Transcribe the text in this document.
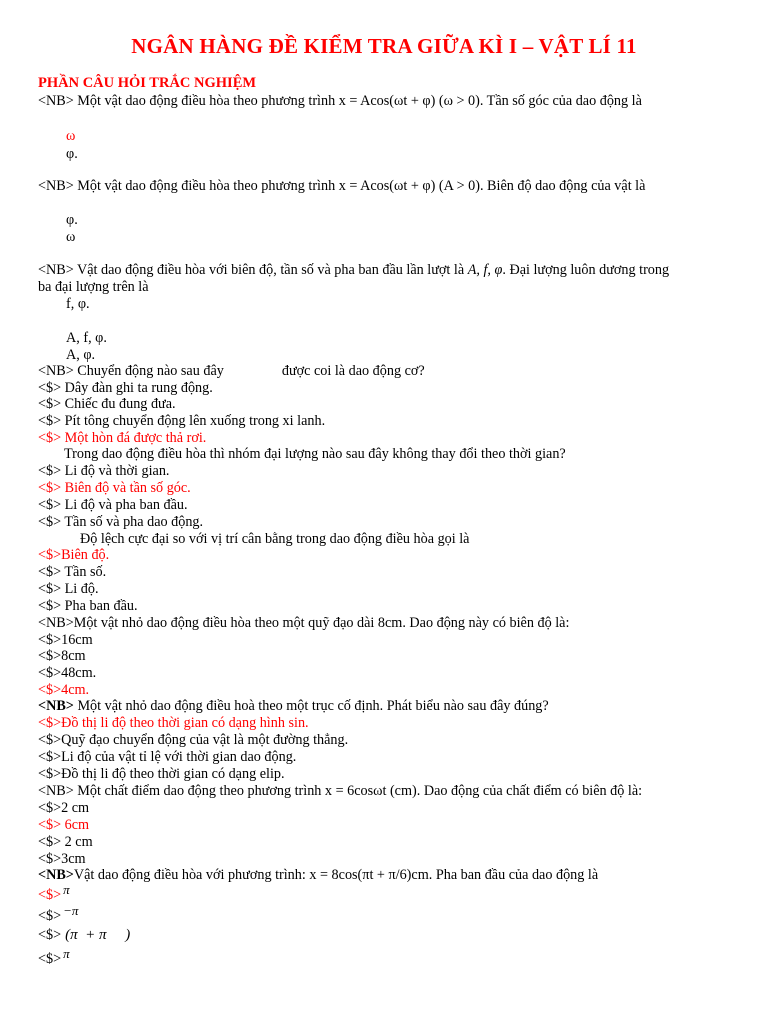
NGÂN HÀNG ĐỀ KIỂM TRA GIỮA KÌ I – VẬT LÍ 11
PHẦN CÂU HỎI TRẮC NGHIỆM
<NB> Một vật dao động điều hòa theo phương trình x = Acos(ωt + φ) (ω > 0). Tần số góc của dao động là
ω
φ.
<NB> Một vật dao động điều hòa theo phương trình x = Acos(ωt + φ) (A > 0). Biên độ dao động của vật là
φ.
ω
<NB> Vật dao động điều hòa với biên độ, tần số và pha ban đầu lần lượt là A, f, φ. Đại lượng luôn dương trong
ba đại lượng trên là
f, φ.
A, f, φ.
A, φ.
<NB> Chuyển động nào sau đây	được coi là dao động cơ?
<$> Dây đàn ghi ta rung động.
<$> Chiếc đu đung đưa.
<$> Pít tông chuyển động lên xuống trong xi lanh.
<$> Một hòn đá được thả rơi.
Trong dao động điều hòa thì nhóm đại lượng nào sau đây không thay đổi theo thời gian?
<$> Li độ và thời gian.
<$> Biên độ và tần số góc.
<$> Li độ và pha ban đầu.
<$> Tần số và pha dao động.
Độ lệch cực đại so với vị trí cân bằng trong dao động điều hòa gọi là
<$>Biên độ.
<$> Tần số.
<$> Li độ.
<$> Pha ban đầu.
<NB>Một vật nhỏ dao động điều hòa theo một quỹ đạo dài 8cm. Dao động này có biên độ là:
<$>16cm
<$>8cm
<$>48cm.
<$>4cm.
<NB> Một vật nhỏ dao động điều hoà theo một trục cố định. Phát biểu nào sau đây đúng?
<$>Đồ thị li độ theo thời gian có dạng hình sin.
<$>Quỹ đạo chuyển động của vật là một đường thẳng.
<$>Li độ của vật tỉ lệ với thời gian dao động.
<$>Đồ thị li độ theo thời gian có dạng elip.
<NB> Một chất điểm dao động theo phương trình x = 6cosωt (cm). Dao động của chất điểm có biên độ là:
<$>2 cm
<$> 6cm
<$> 2 cm
<$>3cm
<NB>Vật dao động điều hòa với phương trình: x = 8cos(πt + π/6)cm. Pha ban đầu của dao động là
<$> π
<$> −π
<$> (π  + π     )
<$> π
